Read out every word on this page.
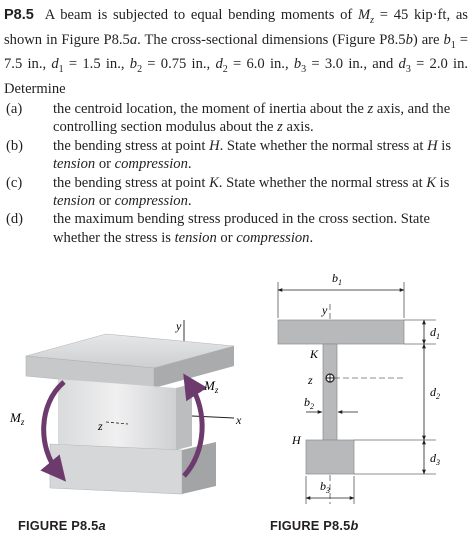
P8.5 A beam is subjected to equal bending moments of $M_z = 45$ kip·ft, as shown in Figure P8.5a. The cross-sectional dimensions (Figure P8.5b) are $b_1 = 7.5$ in., $d_1 = 1.5$ in., $b_2 = 0.75$ in., $d_2 = 6.0$ in., $b_3 = 3.0$ in., and $d_3 = 2.0$ in. Determine
(a)	the centroid location, the moment of inertia about the z axis, and the controlling section modulus about the z axis.
(b)	the bending stress at point H. State whether the normal stress at H is tension or compression.
(c)	the bending stress at point K. State whether the normal stress at K is tension or compression.
(d)	the maximum bending stress produced in the cross section. State whether the stress is tension or compression.
y
x
z
$M_z$
$M_z$
FIGURE P8.5a
$b_1$
y
K
z
$b_2$
H
$b_3$
$d_1$
$d_2$
$d_3$
FIGURE P8.5b
